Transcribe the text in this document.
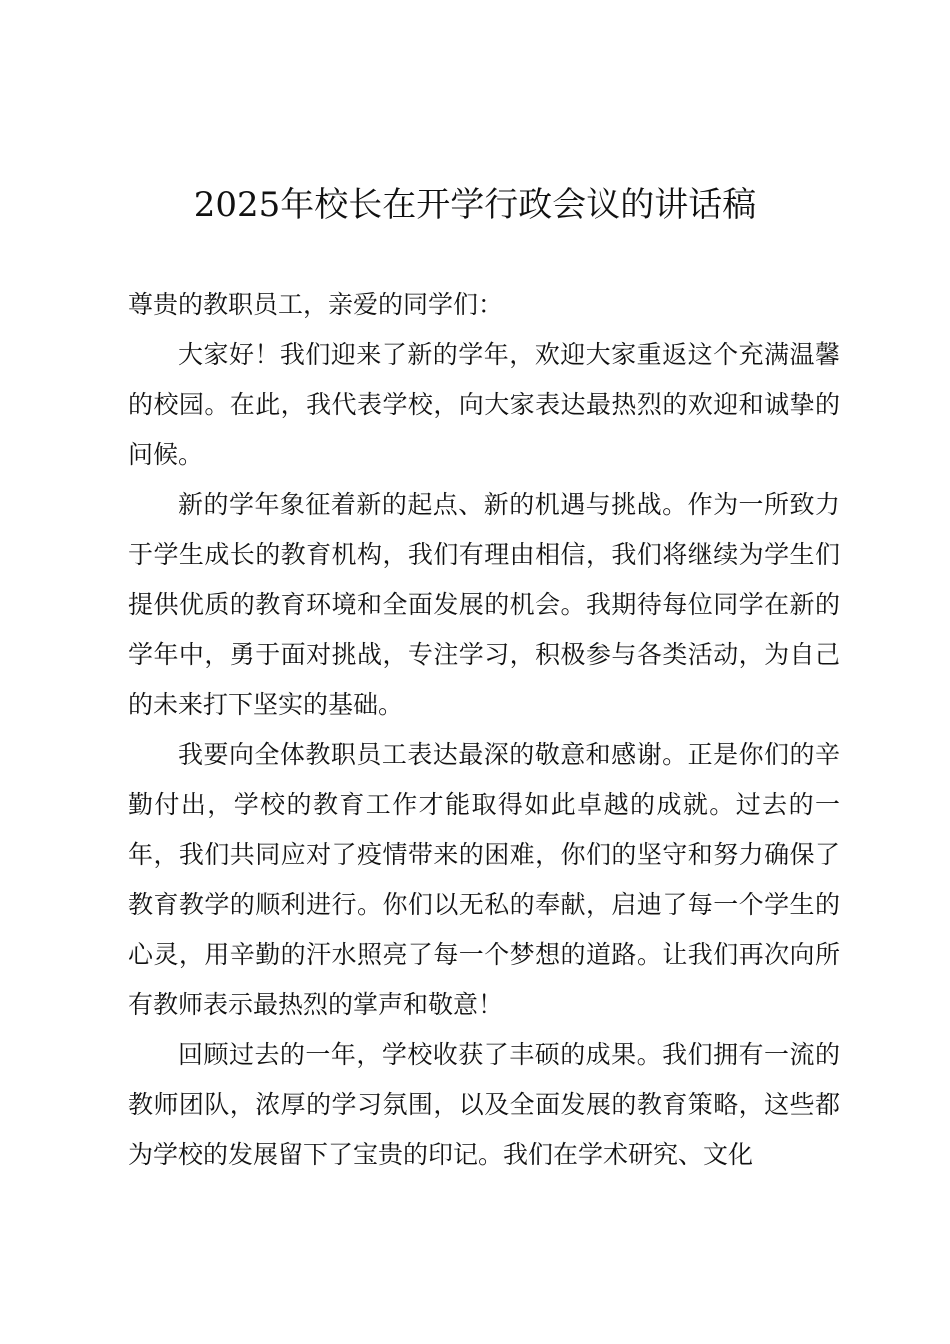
2025年校长在开学行政会议的讲话稿

尊贵的教职员工，亲爱的同学们：

大家好！我们迎来了新的学年，欢迎大家重返这个充满温馨的校园。在此，我代表学校，向大家表达最热烈的欢迎和诚挚的问候。

新的学年象征着新的起点、新的机遇与挑战。作为一所致力于学生成长的教育机构，我们有理由相信，我们将继续为学生们提供优质的教育环境和全面发展的机会。我期待每位同学在新的学年中，勇于面对挑战，专注学习，积极参与各类活动，为自己的未来打下坚实的基础。

我要向全体教职员工表达最深的敬意和感谢。正是你们的辛勤付出，学校的教育工作才能取得如此卓越的成就。过去的一年，我们共同应对了疫情带来的困难，你们的坚守和努力确保了教育教学的顺利进行。你们以无私的奉献，启迪了每一个学生的心灵，用辛勤的汗水照亮了每一个梦想的道路。让我们再次向所有教师表示最热烈的掌声和敬意！

回顾过去的一年，学校收获了丰硕的成果。我们拥有一流的教师团队，浓厚的学习氛围，以及全面发展的教育策略，这些都为学校的发展留下了宝贵的印记。我们在学术研究、文化
